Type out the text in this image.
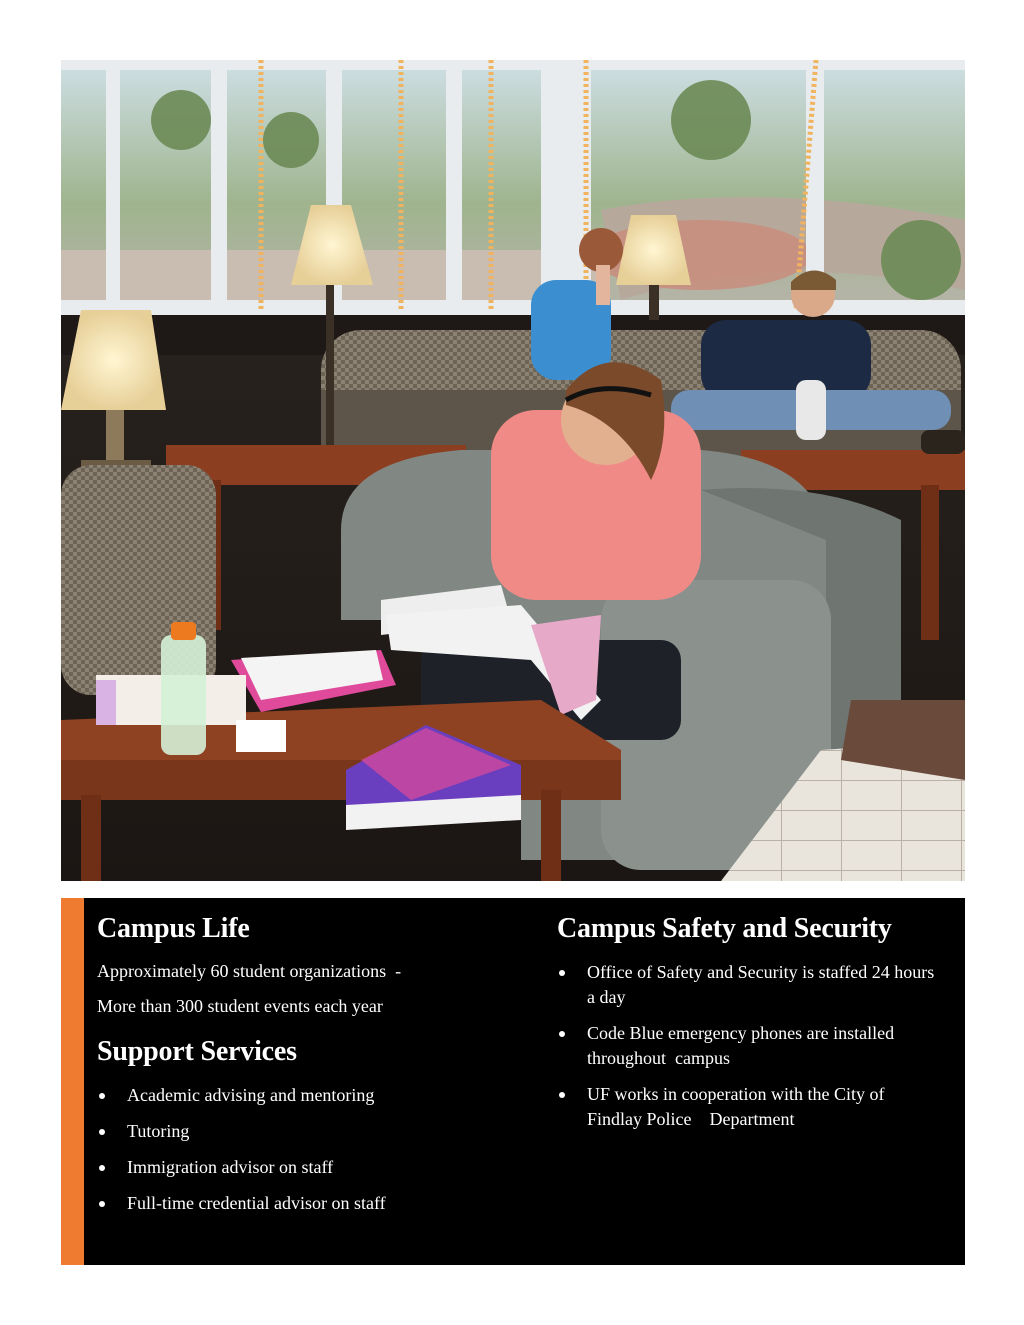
Campus Life

Approximately 60 student organizations  -

More than 300 student events each year

Support Services
Academic advising and mentoring
Tutoring
Immigration advisor on staff
Full-time credential advisor on staff
Campus Safety and Security
Office of Safety and Security is staffed 24 hours a day
Code Blue emergency phones are installed throughout  campus
UF works in cooperation with the City of Findlay Police    Department
